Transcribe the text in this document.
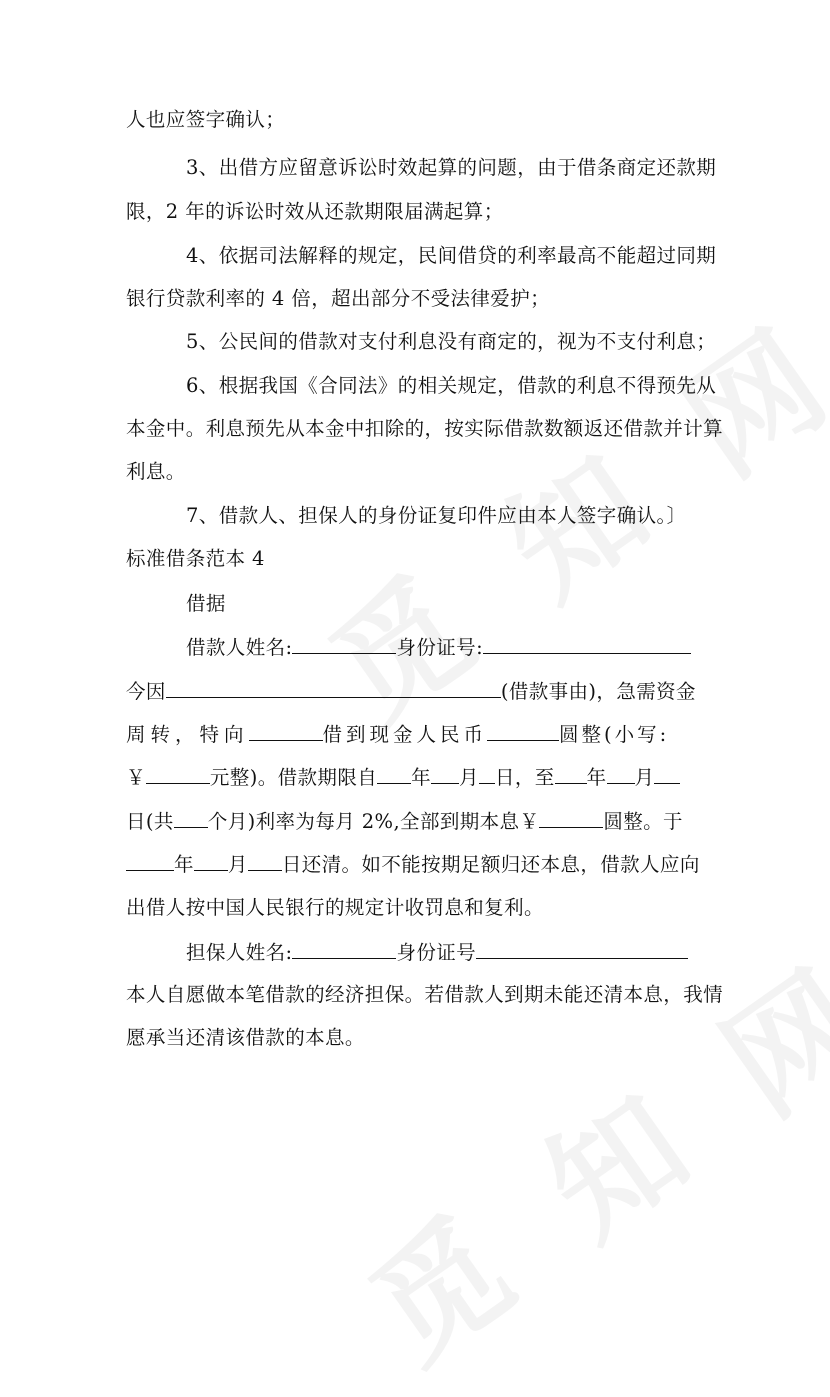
人也应签字确认；
3、出借方应留意诉讼时效起算的问题，由于借条商定还款期
限，2 年的诉讼时效从还款期限届满起算；
4、依据司法解释的规定，民间借贷的利率最高不能超过同期
银行贷款利率的 4 倍，超出部分不受法律爱护；
5、公民间的借款对支付利息没有商定的，视为不支付利息；
6、根据我国《合同法》的相关规定，借款的利息不得预先从
本金中。利息预先从本金中扣除的，按实际借款数额返还借款并计算
利息。
7、借款人、担保人的身份证复印件应由本人签字确认。〕
标准借条范本 4
借据
借款人姓名:	身份证号:
今因	(借款事由)，急需资金
周转，特向	借到现金人民币	圆整(小写:
￥	元整)。借款期限自 年 月 日，至 年 月
日(共 个月)利率为每月 2%,全部到期本息￥	圆整。于
年 月 日还清。如不能按期足额归还本息，借款人应向
出借人按中国人民银行的规定计收罚息和复利。
担保人姓名:	身份证号
本人自愿做本笔借款的经济担保。若借款人到期未能还清本息，我情
愿承当还清该借款的本息。
